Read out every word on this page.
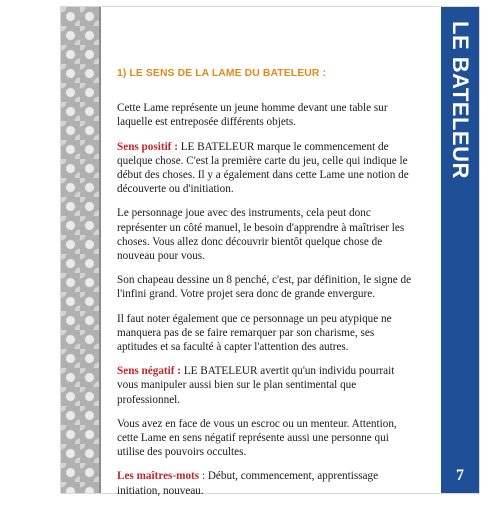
1) LE SENS DE LA LAME DU BATELEUR :

Cette Lame représente un jeune homme devant une table sur laquelle est entreposée différents objets.

Sens positif : LE BATELEUR marque le commencement de quelque chose. C'est la première carte du jeu, celle qui indique le début des choses. Il y a également dans cette Lame une notion de découverte ou d'initiation.

Le personnage joue avec des instruments, cela peut donc représenter un côté manuel, le besoin d'apprendre à maîtriser les choses. Vous allez donc découvrir bientôt quelque chose de nouveau pour vous.

Son chapeau dessine un 8 penché, c'est, par définition, le signe de l'infini grand. Votre projet sera donc de grande envergure.

Il faut noter également que ce personnage un peu atypique ne manquera pas de se faire remarquer par son charisme, ses aptitudes et sa faculté à capter l'attention des autres.

Sens négatif : LE BATELEUR avertit qu'un individu pourrait vous manipuler aussi bien sur le plan sentimental que professionnel.

Vous avez en face de vous un escroc ou un menteur. Attention, cette Lame en sens négatif représente aussi une personne qui utilise des pouvoirs occultes.

Les maîtres-mots : Début, commencement, apprentissage initiation, nouveau.

LE BATELEUR
7
